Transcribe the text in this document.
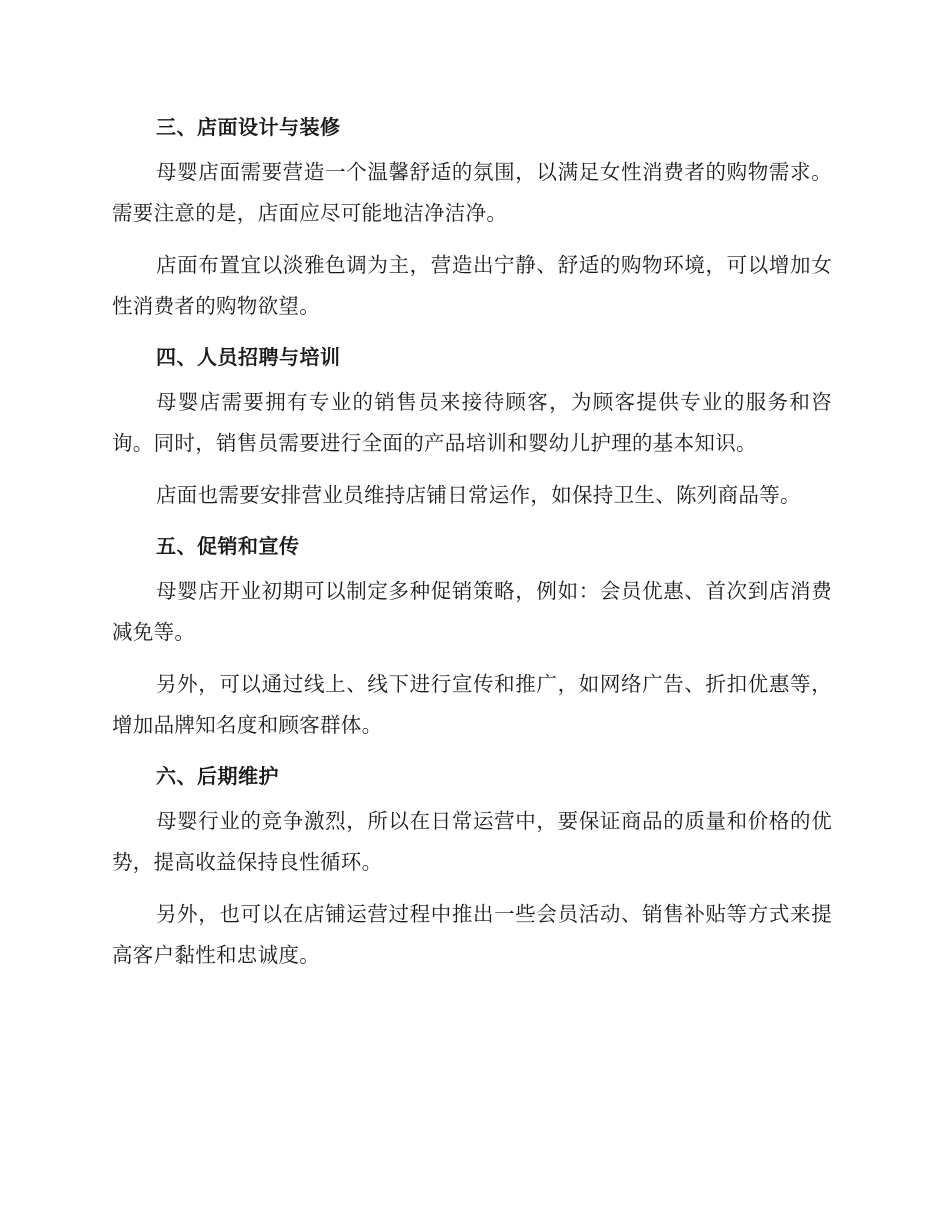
三、店面设计与装修

母婴店面需要营造一个温馨舒适的氛围，以满足女性消费者的购物需求。需要注意的是，店面应尽可能地洁净洁净。

店面布置宜以淡雅色调为主，营造出宁静、舒适的购物环境，可以增加女性消费者的购物欲望。

四、人员招聘与培训

母婴店需要拥有专业的销售员来接待顾客，为顾客提供专业的服务和咨询。同时，销售员需要进行全面的产品培训和婴幼儿护理的基本知识。

店面也需要安排营业员维持店铺日常运作，如保持卫生、陈列商品等。

五、促销和宣传

母婴店开业初期可以制定多种促销策略，例如：会员优惠、首次到店消费减免等。

另外，可以通过线上、线下进行宣传和推广，如网络广告、折扣优惠等，增加品牌知名度和顾客群体。

六、后期维护

母婴行业的竞争激烈，所以在日常运营中，要保证商品的质量和价格的优势，提高收益保持良性循环。

另外，也可以在店铺运营过程中推出一些会员活动、销售补贴等方式来提高客户黏性和忠诚度。
